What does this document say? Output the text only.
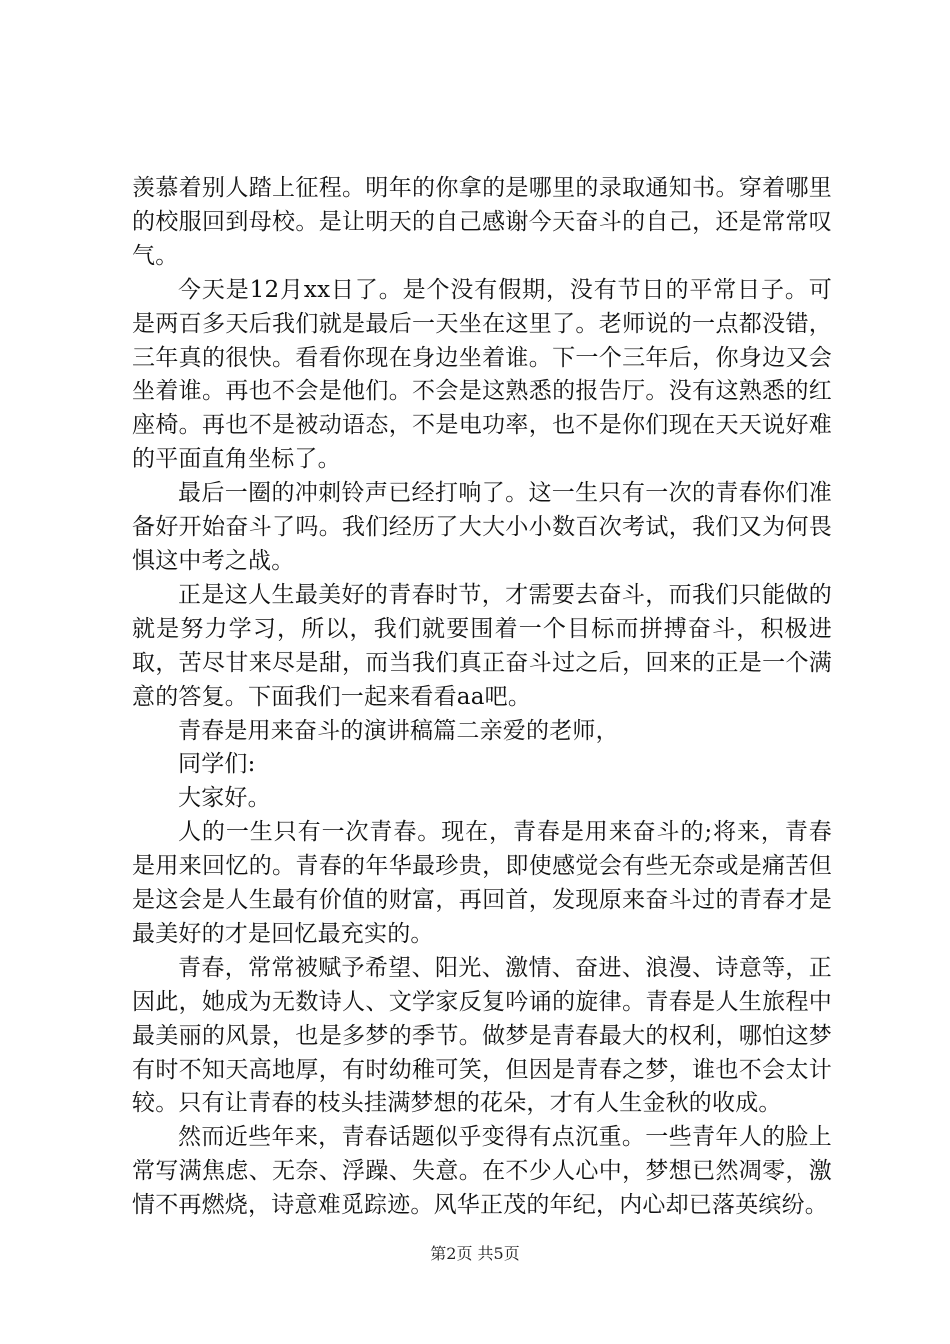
羡慕着别人踏上征程。明年的你拿的是哪里的录取通知书。穿着哪里的校服回到母校。是让明天的自己感谢今天奋斗的自己，还是常常叹气。

今天是12月xx日了。是个没有假期，没有节日的平常日子。可是两百多天后我们就是最后一天坐在这里了。老师说的一点都没错，三年真的很快。看看你现在身边坐着谁。下一个三年后，你身边又会坐着谁。再也不会是他们。不会是这熟悉的报告厅。没有这熟悉的红座椅。再也不是被动语态，不是电功率，也不是你们现在天天说好难的平面直角坐标了。

最后一圈的冲刺铃声已经打响了。这一生只有一次的青春你们准备好开始奋斗了吗。我们经历了大大小小数百次考试，我们又为何畏惧这中考之战。

正是这人生最美好的青春时节，才需要去奋斗，而我们只能做的就是努力学习，所以，我们就要围着一个目标而拼搏奋斗，积极进取，苦尽甘来尽是甜，而当我们真正奋斗过之后，回来的正是一个满意的答复。下面我们一起来看看aa吧。

青春是用来奋斗的演讲稿篇二亲爱的老师，

同学们:

大家好。

人的一生只有一次青春。现在，青春是用来奋斗的;将来，青春是用来回忆的。青春的年华最珍贵，即使感觉会有些无奈或是痛苦但是这会是人生最有价值的财富，再回首，发现原来奋斗过的青春才是最美好的才是回忆最充实的。

青春，常常被赋予希望、阳光、激情、奋进、浪漫、诗意等，正因此，她成为无数诗人、文学家反复吟诵的旋律。青春是人生旅程中最美丽的风景，也是多梦的季节。做梦是青春最大的权利，哪怕这梦有时不知天高地厚，有时幼稚可笑，但因是青春之梦，谁也不会太计较。只有让青春的枝头挂满梦想的花朵，才有人生金秋的收成。

然而近些年来，青春话题似乎变得有点沉重。一些青年人的脸上常写满焦虑、无奈、浮躁、失意。在不少人心中，梦想已然凋零，激情不再燃烧，诗意难觅踪迹。风华正茂的年纪，内心却已落英缤纷。

第2页 共5页
